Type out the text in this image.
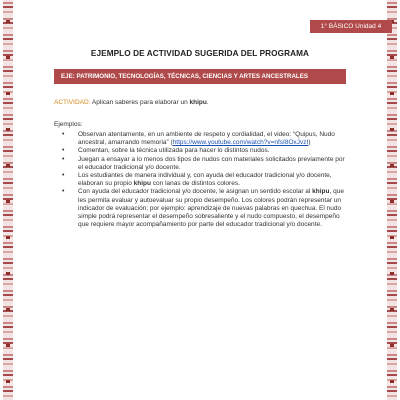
1° BÁSICO Unidad 4
EJEMPLO DE ACTIVIDAD SUGERIDA DEL PROGRAMA
EJE: PATRIMONIO, TECNOLOGÍAS, TÉCNICAS, CIENCIAS Y ARTES ANCESTRALES
ACTIVIDAD: Aplican saberes para elaborar un khipu.
Ejemplos:
• Observan atentamente, en un ambiente de respeto y cordialidad, el video: “Quipus, Nudo ancestral, amarrando memoria” (https://www.youtube.com/watch?v=nfsI8OxJvzI)
• Comentan, sobre la técnica utilizada para hacer lo distintos nudos.
• Juegan a ensayar a lo menos dos tipos de nudos con materiales solicitados previamente por el educador tradicional y/o docente.
• Los estudiantes de manera individual y, con ayuda del educador tradicional y/o docente, elaboran su propio khipu con lanas de distintos colores.
• Con ayuda del educador tradicional y/o docente, le asignan un sentido escolar al khipu, que les permita evaluar y autoevaluar su propio desempeño. Los colores podrán representar un indicador de evaluación; por ejemplo: aprendizaje de nuevas palabras en quechua. El nudo simple podrá representar el desempeño sobresaliente y el nudo compuesto, el desempeño que requiere mayor acompañamiento por parte del educador tradicional y/o docente.
